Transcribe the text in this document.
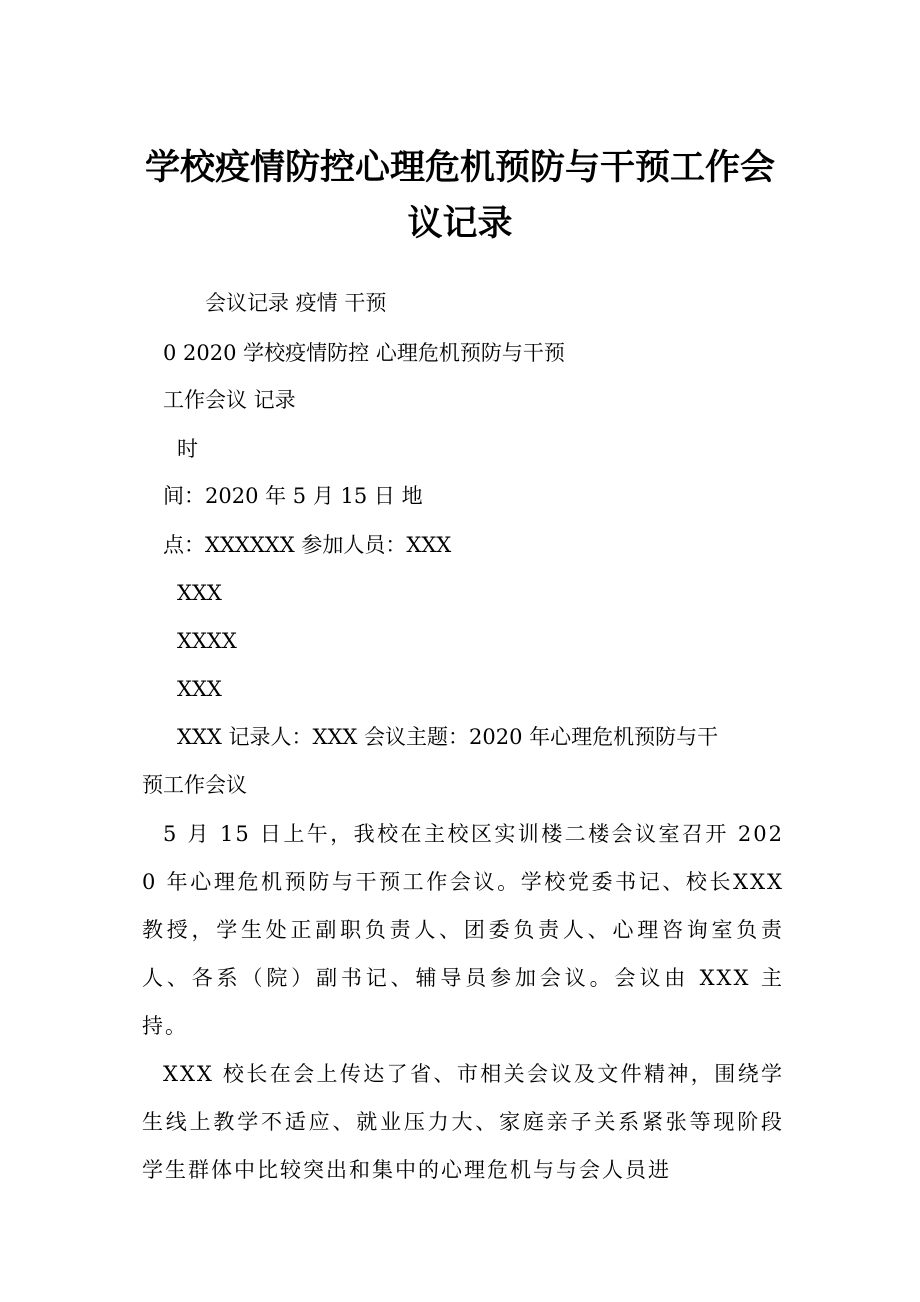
学校疫情防控心理危机预防与干预工作会
议记录

会议记录 疫情 干预

0 2020 学校疫情防控 心理危机预防与干预

工作会议 记录

时

间：2020 年 5 月 15 日 地

点：XXXXXX 参加人员：XXX

XXX

XXXX

XXX

XXX 记录人：XXX 会议主题：2020 年心理危机预防与干

预工作会议

5 月 15 日上午，我校在主校区实训楼二楼会议室召开 2020 年心理危机预防与干预工作会议。学校党委书记、校长XXX 教授，学生处正副职负责人、团委负责人、心理咨询室负责人、各系（院）副书记、辅导员参加会议。会议由 XXX 主持。

XXX 校长在会上传达了省、市相关会议及文件精神，围绕学生线上教学不适应、就业压力大、家庭亲子关系紧张等现阶段学生群体中比较突出和集中的心理危机与与会人员进
